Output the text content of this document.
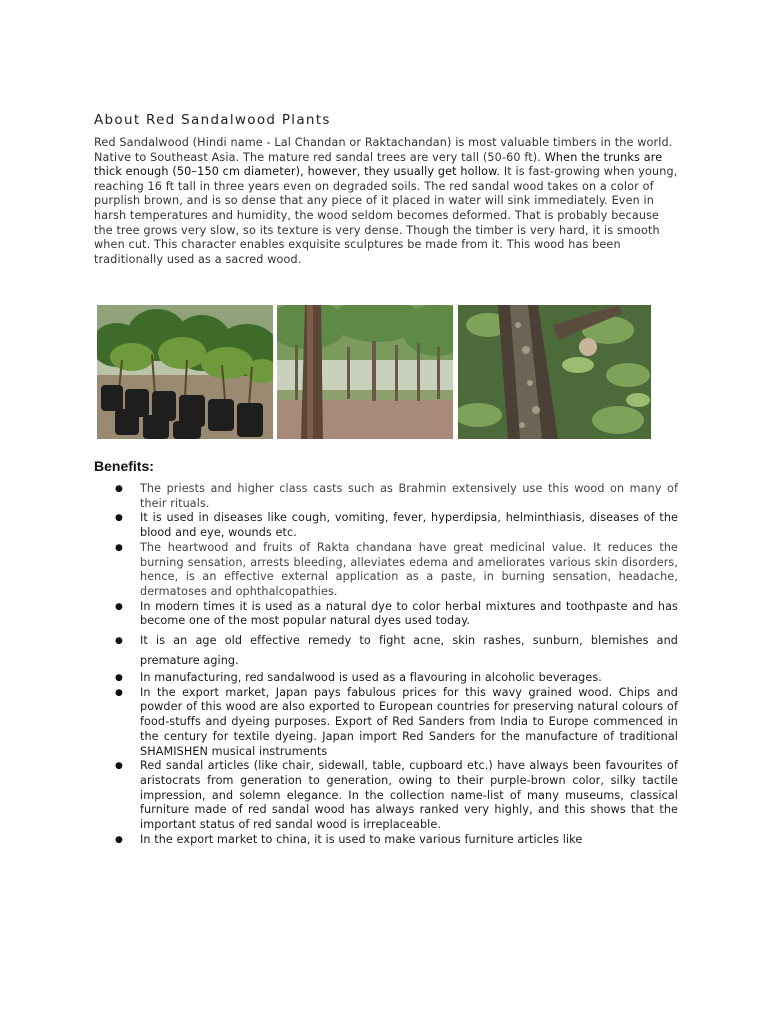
About Red Sandalwood Plants

Red Sandalwood (Hindi name - Lal Chandan or Raktachandan) is most valuable timbers in the world. Native to Southeast Asia. The mature red sandal trees are very tall (50-60 ft). When the trunks are thick enough (50–150 cm diameter), however, they usually get hollow. It is fast-growing when young, reaching 16 ft tall in three years even on degraded soils. The red sandal wood takes on a color of purplish brown, and is so dense that any piece of it placed in water will sink immediately. Even in harsh temperatures and humidity, the wood seldom becomes deformed. That is probably because the tree grows very slow, so its texture is very dense. Though the timber is very hard, it is smooth when cut. This character enables exquisite sculptures be made from it. This wood has been traditionally used as a sacred wood.

Benefits:
● The priests and higher class casts such as Brahmin extensively use this wood on many of their rituals.
● It is used in diseases like cough, vomiting, fever, hyperdipsia, helminthiasis, diseases of the blood and eye, wounds etc.
● The heartwood and fruits of Rakta chandana have great medicinal value. It reduces the burning sensation, arrests bleeding, alleviates edema and ameliorates various skin disorders, hence, is an effective external application as a paste, in burning sensation, headache, dermatoses and ophthalcopathies.
● In modern times it is used as a natural dye to color herbal mixtures and toothpaste and has become one of the most popular natural dyes used today.
● It is an age old effective remedy to fight acne, skin rashes, sunburn, blemishes and premature aging.
● In manufacturing, red sandalwood is used as a flavouring in alcoholic beverages.
● In the export market, Japan pays fabulous prices for this wavy grained wood. Chips and powder of this wood are also exported to European countries for preserving natural colours of food-stuffs and dyeing purposes. Export of Red Sanders from India to Europe commenced in the century for textile dyeing. Japan import Red Sanders for the manufacture of traditional SHAMISHEN musical instruments
● Red sandal articles (like chair, sidewall, table, cupboard etc.) have always been favourites of aristocrats from generation to generation, owing to their purple-brown color, silky tactile impression, and solemn elegance. In the collection name-list of many museums, classical furniture made of red sandal wood has always ranked very highly, and this shows that the important status of red sandal wood is irreplaceable.
● In the export market to china, it is used to make various furniture articles like
